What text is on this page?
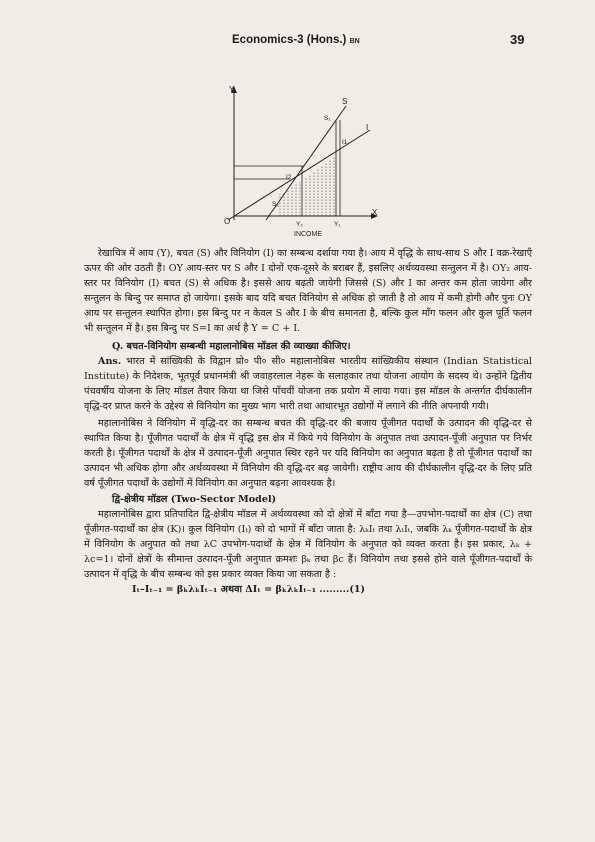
Economics-3 (Hons.) BN	39
Y
X
O
S
I
S₁
I1
I2
S₂
Y₂	Y₁
INCOME

रेखाचित्र में आय (Y), बचत (S) और विनियोग (I) का सम्बन्ध दर्शाया गया है। आय में वृद्धि के साथ-साथ S और I वक्र-रेखाएँ ऊपर की ओर उठती हैं। OY आय-स्तर पर S और I दोनों एक-दूसरे के बराबर हैं, इसलिए अर्थव्यवस्था सन्तुलन में है। OY₂ आय-स्तर पर विनियोग (I) बचत (S) से अधिक है। इससे आय बढ़ती जायेगी जिससे (S) और I का अन्तर कम होता जायेगा और सन्तुलन के बिन्दु पर समाप्त हो जायेगा। इसके बाद यदि बचत विनियोग से अधिक हो जाती है तो आय में कमी होगी और पुनः OY आय पर सन्तुलन स्थापित होगा। इस बिन्दु पर न केवल S और I के बीच समानता है, बल्कि कुल माँग फलन और कुल पूर्ति फलन भी सन्तुलन में है। इस बिन्दु पर S=I का अर्थ है Y = C + I.

Q. बचत-विनियोग सम्बन्धी महालानोबिस मॉडल की व्याख्या कीजिए।

Ans. भारत में सांख्यिकी के विद्वान प्रो० पी० सी० महालानोबिस भारतीय सांख्यिकीय संस्थान (Indian Statistical Institute) के निदेशक, भूतपूर्व प्रधानमंत्री श्री जवाहरलाल नेहरू के सलाहकार तथा योजना आयोग के सदस्य थे। उन्होंने द्वितीय पंचवर्षीय योजना के लिए मॉडल तैयार किया था जिसे पाँचवीं योजना तक प्रयोग में लाया गया। इस मॉडल के अन्तर्गत दीर्घकालीन वृद्धि-दर प्राप्त करने के उद्देश्य से विनियोग का मुख्य भाग भारी तथा आधारभूत उद्योगों में लगाने की नीति अपनायी गयी।

महालानोबिस ने विनियोग में वृद्धि-दर का सम्बन्ध बचत की वृद्धि-दर की बजाय पूँजीगत पदार्थों के उत्पादन की वृद्धि-दर से स्थापित किया है। पूँजीगत पदार्थों के क्षेत्र में वृद्धि इस क्षेत्र में किये गये विनियोग के अनुपात तथा उत्पादन-पूँजी अनुपात पर निर्भर करती है। पूँजीगत पदार्थों के क्षेत्र में उत्पादन-पूँजी अनुपात स्थिर रहने पर यदि विनियोग का अनुपात बढ़ता है तो पूँजीगत पदार्थों का उत्पादन भी अधिक होगा और अर्थव्यवस्था में विनियोग की वृद्धि-दर बढ़ जायेगी। राष्ट्रीय आय की दीर्घकालीन वृद्धि-दर के लिए प्रति वर्ष पूँजीगत पदार्थों के उद्योगों में विनियोग का अनुपात बढ़ना आवश्यक है।

द्वि-क्षेत्रीय मॉडल (Two-Sector Model)

महालानोबिस द्वारा प्रतिपादित द्वि-क्षेत्रीय मॉडल में अर्थव्यवस्था को दो क्षेत्रों में बाँटा गया है—उपभोग-पदार्थों का क्षेत्र (C) तथा पूँजीगत-पदार्थों का क्षेत्र (K)। कुल विनियोग (Iₜ) को दो भागों में बाँटा जाता है: λₖIₜ तथा λₜIₜ, जबकि λₖ पूँजीगत-पदार्थों के क्षेत्र में विनियोग के अनुपात को तथा λC उपभोग-पदार्थों के क्षेत्र में विनियोग के अनुपात को व्यक्त करता है। इस प्रकार, λₖ + λc=1। दोनों क्षेत्रों के सीमान्त उत्पादन-पूँजी अनुपात क्रमशः βₖ तथा βc हैं। विनियोग तथा इससे होने वाले पूँजीगत-पदार्थों के उत्पादन में वृद्धि के बीच सम्बन्ध को इस प्रकार व्यक्त किया जा सकता है :

Iₜ–Iₜ₋₁ = βₖλₖIₜ₋₁ अथवा ΔIₜ = βₖλₖIₜ₋₁ .........(1)
